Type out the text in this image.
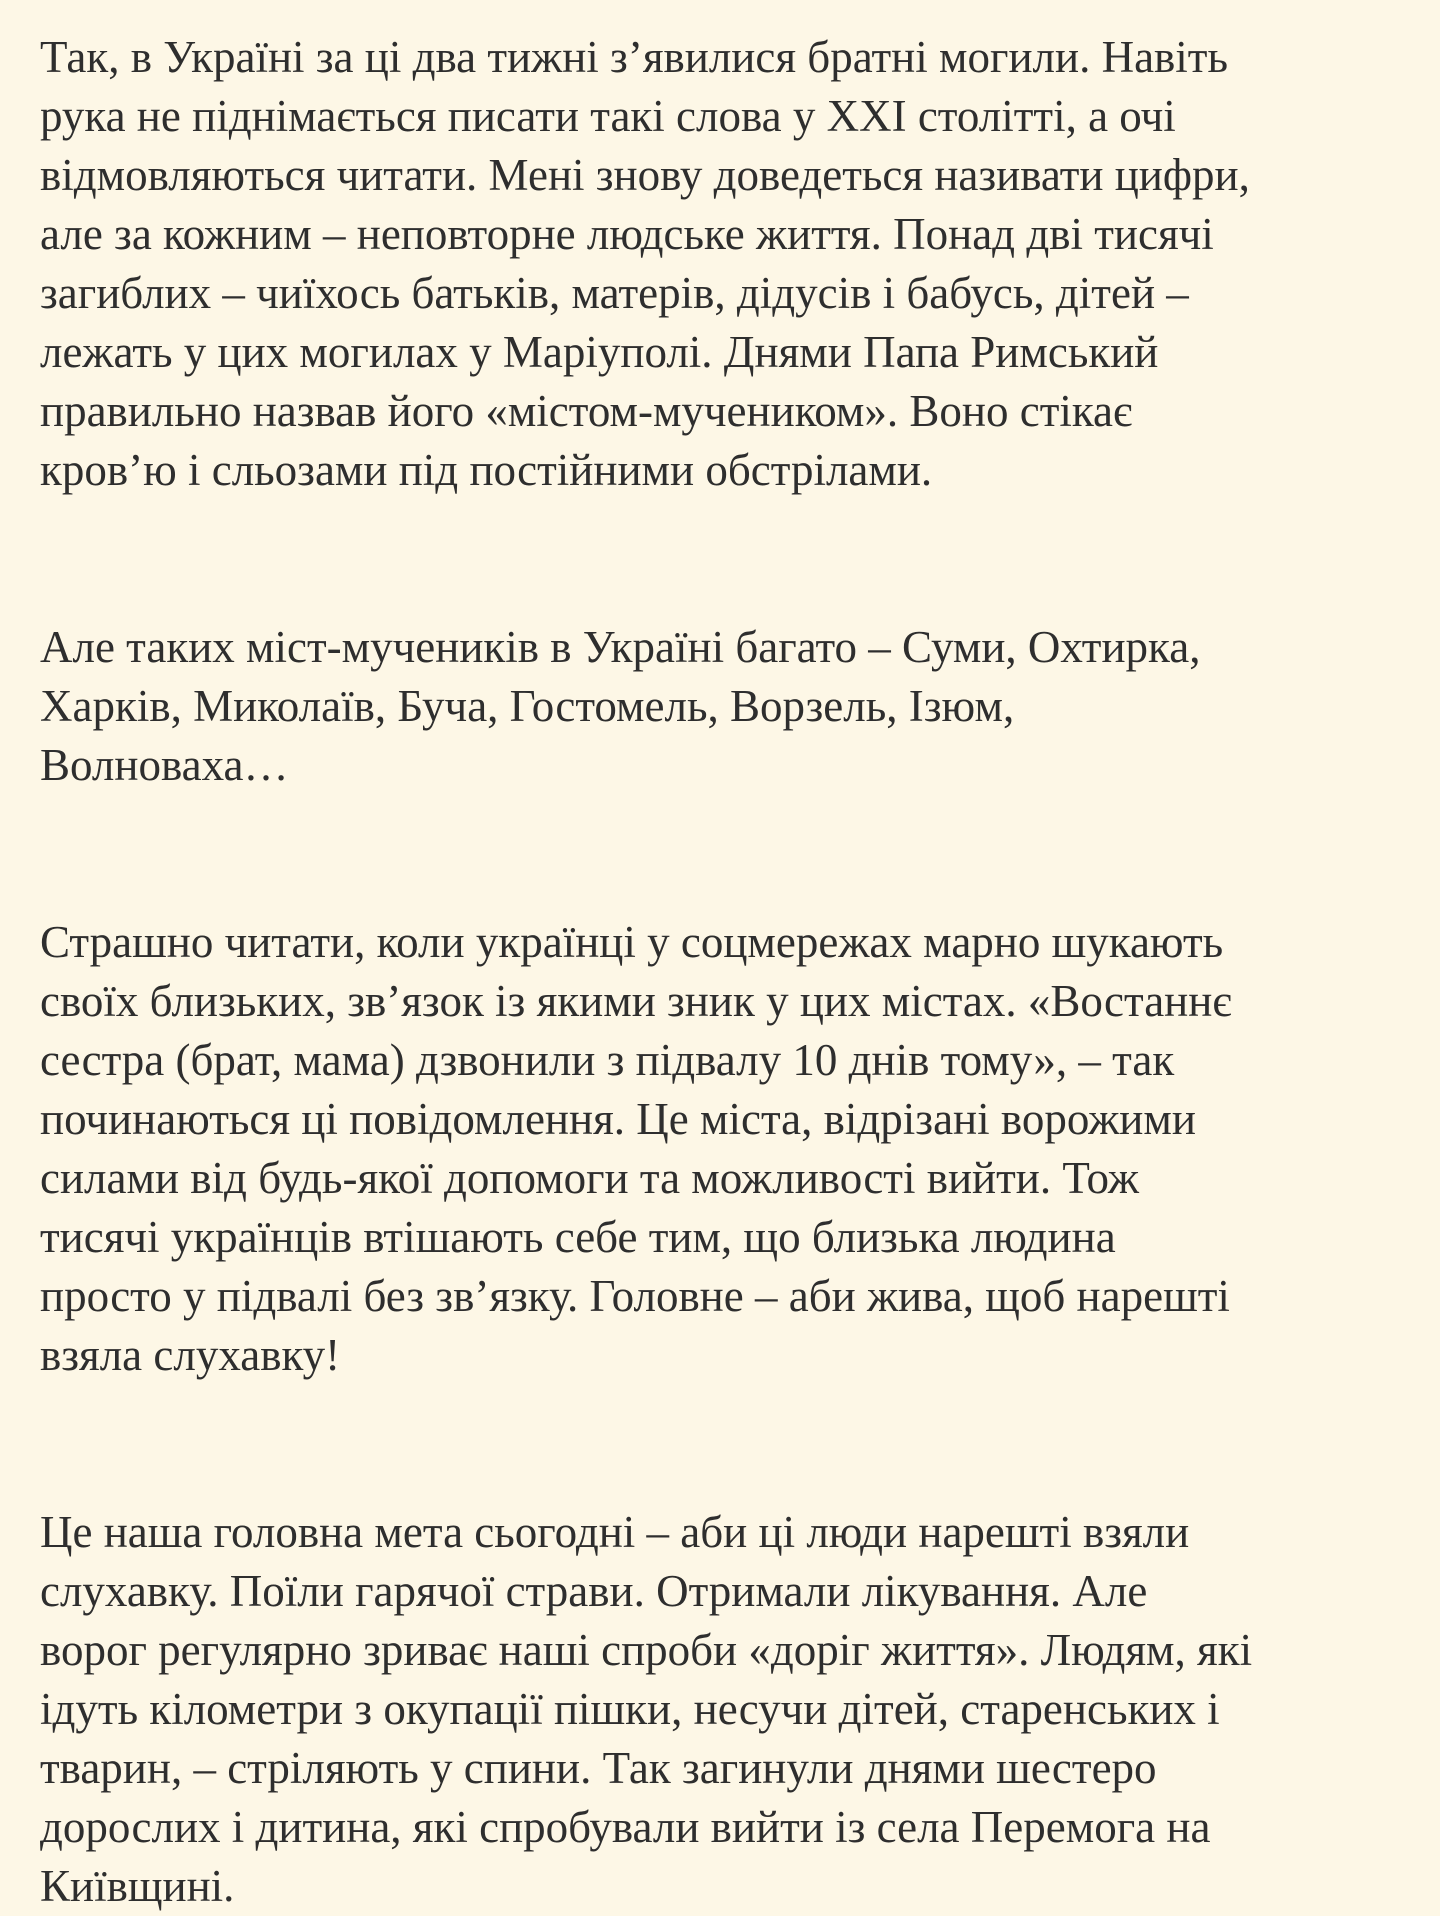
Так, в Україні за ці два тижні з’явилися братні могили. Навіть
рука не піднімається писати такі слова у XXI столітті, а очі
відмовляються читати. Мені знову доведеться називати цифри,
але за кожним – неповторне людське життя. Понад дві тисячі
загиблих – чиїхось батьків, матерів, дідусів і бабусь, дітей –
лежать у цих могилах у Маріуполі. Днями Папа Римський
правильно назвав його «містом-мучеником». Воно стікає
кров’ю і сльозами під постійними обстрілами.
Але таких міст-мучеників в Україні багато – Суми, Охтирка,
Харків, Миколаїв, Буча, Гостомель, Ворзель, Ізюм,
Волноваха…
Страшно читати, коли українці у соцмережах марно шукають
своїх близьких, зв’язок із якими зник у цих містах. «Востаннє
сестра (брат, мама) дзвонили з підвалу 10 днів тому», – так
починаються ці повідомлення. Це міста, відрізані ворожими
силами від будь-якої допомоги та можливості вийти. Тож
тисячі українців втішають себе тим, що близька людина
просто у підвалі без зв’язку. Головне – аби жива, щоб нарешті
взяла слухавку!
Це наша головна мета сьогодні – аби ці люди нарешті взяли
слухавку. Поїли гарячої страви. Отримали лікування. Але
ворог регулярно зриває наші спроби «доріг життя». Людям, які
ідуть кілометри з окупації пішки, несучи дітей, старенських і
тварин, – стріляють у спини. Так загинули днями шестеро
дорослих і дитина, які спробували вийти із села Перемога на
Київщині.
